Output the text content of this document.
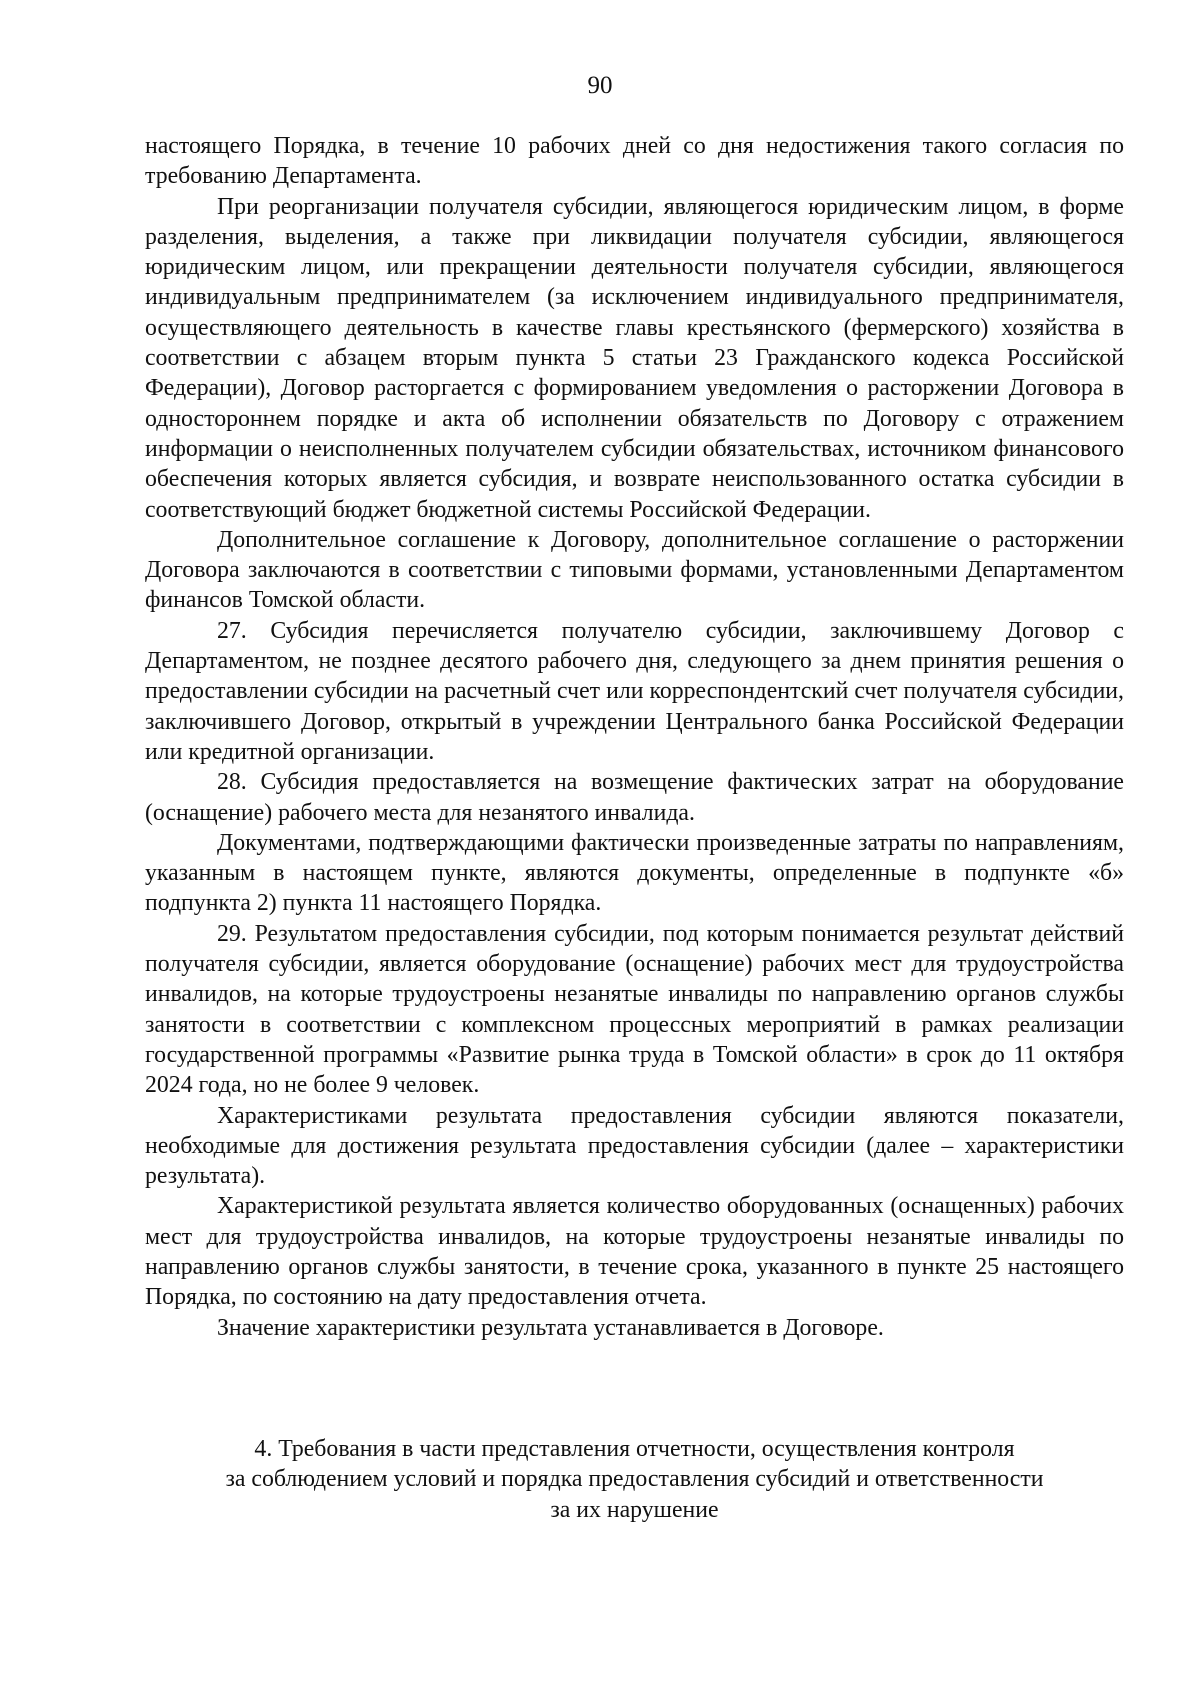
90

настоящего Порядка, в течение 10 рабочих дней со дня недостижения такого согласия по требованию Департамента.

При реорганизации получателя субсидии, являющегося юридическим лицом, в форме разделения, выделения, а также при ликвидации получателя субсидии, являющегося юридическим лицом, или прекращении деятельности получателя субсидии, являющегося индивидуальным предпринимателем (за исключением индивидуального предпринимателя, осуществляющего деятельность в качестве главы крестьянского (фермерского) хозяйства в соответствии с абзацем вторым пункта 5 статьи 23 Гражданского кодекса Российской Федерации), Договор расторгается с формированием уведомления о расторжении Договора в одностороннем порядке и акта об исполнении обязательств по Договору с отражением информации о неисполненных получателем субсидии обязательствах, источником финансового обеспечения которых является субсидия, и возврате неиспользованного остатка субсидии в соответствующий бюджет бюджетной системы Российской Федерации.

Дополнительное соглашение к Договору, дополнительное соглашение о расторжении Договора заключаются в соответствии с типовыми формами, установленными Департаментом финансов Томской области.

27. Субсидия перечисляется получателю субсидии, заключившему Договор с Департаментом, не позднее десятого рабочего дня, следующего за днем принятия решения о предоставлении субсидии на расчетный счет или корреспондентский счет получателя субсидии, заключившего Договор, открытый в учреждении Центрального банка Российской Федерации или кредитной организации.

28. Субсидия предоставляется на возмещение фактических затрат на оборудование (оснащение) рабочего места для незанятого инвалида.

Документами, подтверждающими фактически произведенные затраты по направлениям, указанным в настоящем пункте, являются документы, определенные в подпункте «б» подпункта 2) пункта 11 настоящего Порядка.

29. Результатом предоставления субсидии, под которым понимается результат действий получателя субсидии, является оборудование (оснащение) рабочих мест для трудоустройства инвалидов, на которые трудоустроены незанятые инвалиды по направлению органов службы занятости в соответствии с комплексном процессных мероприятий в рамках реализации государственной программы «Развитие рынка труда в Томской области» в срок до 11 октября 2024 года, но не более 9 человек.

Характеристиками результата предоставления субсидии являются показатели, необходимые для достижения результата предоставления субсидии (далее – характеристики результата).

Характеристикой результата является количество оборудованных (оснащенных) рабочих мест для трудоустройства инвалидов, на которые трудоустроены незанятые инвалиды по направлению органов службы занятости, в течение срока, указанного в пункте 25 настоящего Порядка, по состоянию на дату предоставления отчета.

Значение характеристики результата устанавливается в Договоре.

4. Требования в части представления отчетности, осуществления контроля
за соблюдением условий и порядка предоставления субсидий и ответственности
за их нарушение
